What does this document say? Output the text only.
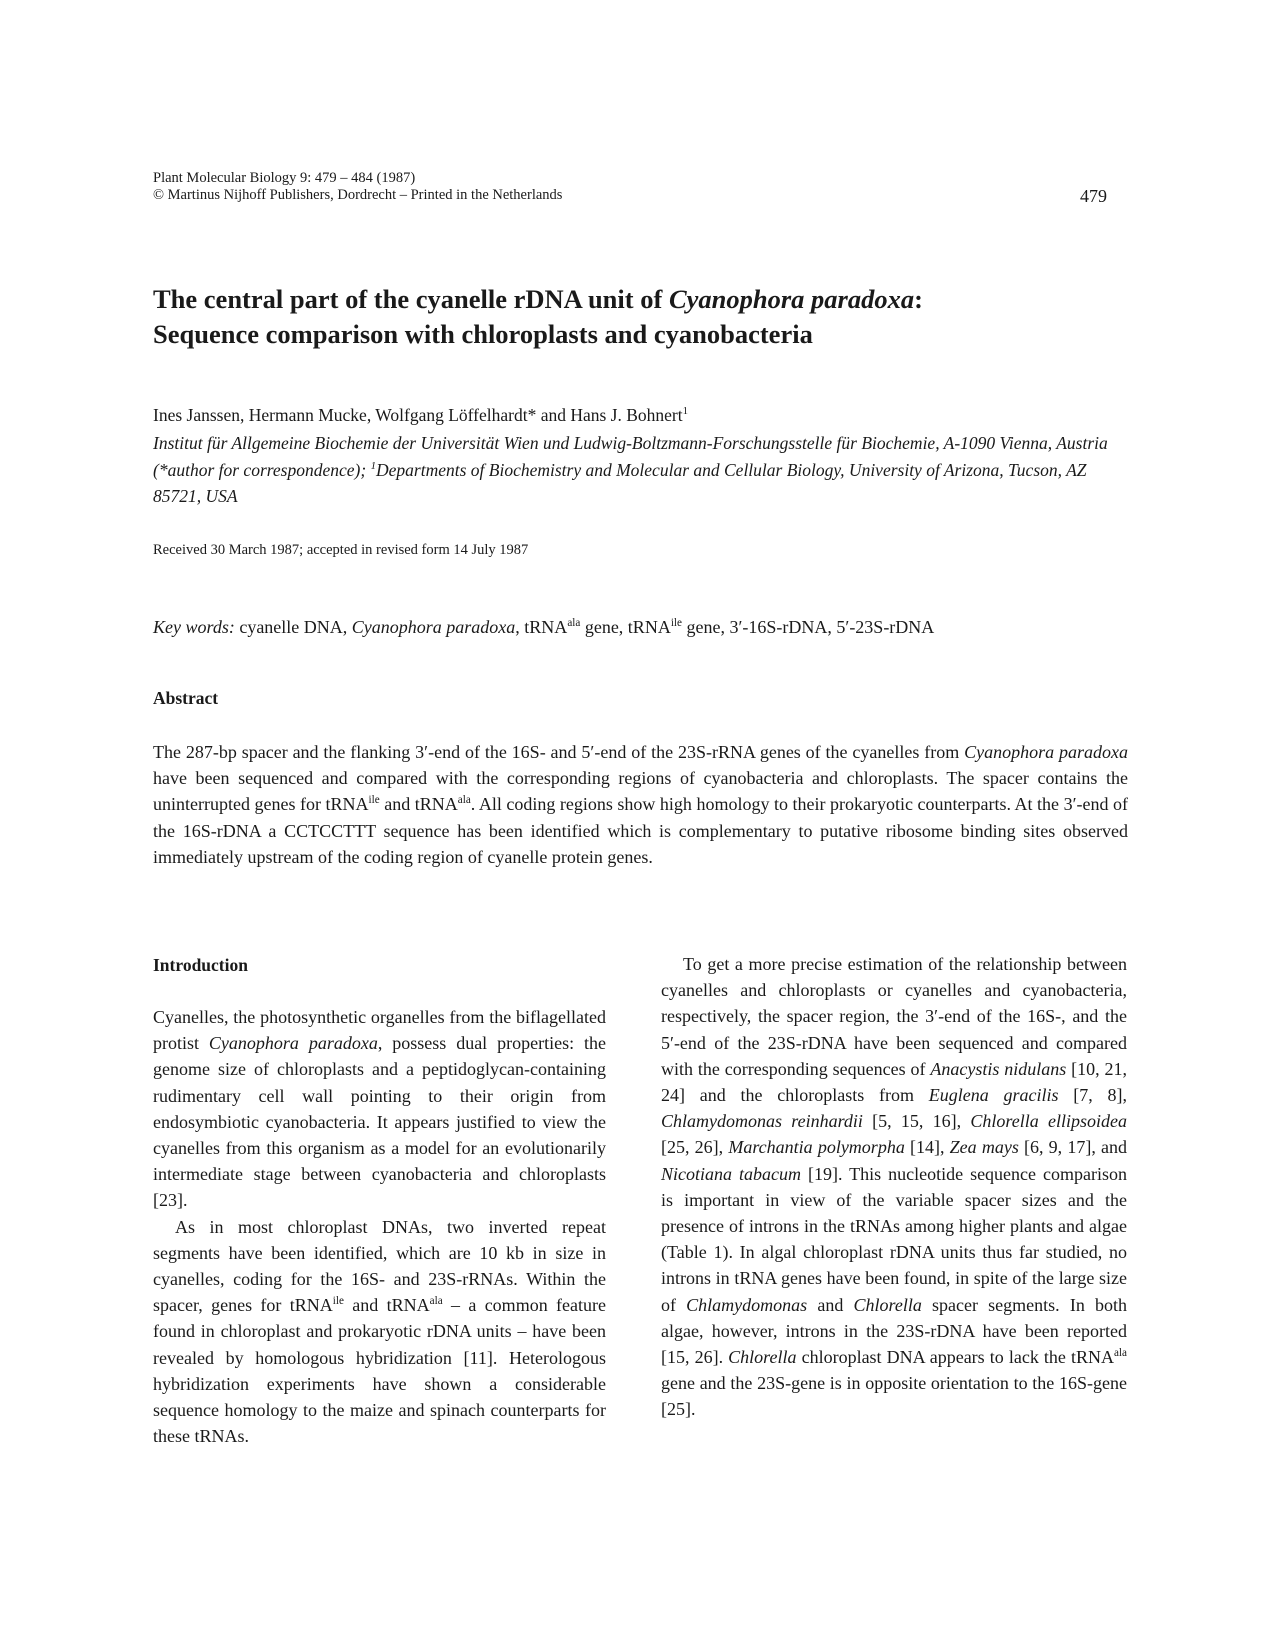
Plant Molecular Biology 9: 479 – 484 (1987)
© Martinus Nijhoff Publishers, Dordrecht – Printed in the Netherlands	479
The central part of the cyanelle rDNA unit of Cyanophora paradoxa:
Sequence comparison with chloroplasts and cyanobacteria
Ines Janssen, Hermann Mucke, Wolfgang Löffelhardt* and Hans J. Bohnert$^1$
Institut für Allgemeine Biochemie der Universität Wien und Ludwig-Boltzmann-Forschungsstelle für Biochemie, A-1090 Vienna, Austria (*author for correspondence); $^1$Departments of Biochemistry and Molecular and Cellular Biology, University of Arizona, Tucson, AZ 85721, USA
Received 30 March 1987; accepted in revised form 14 July 1987
Key words: cyanelle DNA, Cyanophora paradoxa, tRNA$^{ala}$ gene, tRNA$^{ile}$ gene, 3′-16S-rDNA, 5′-23S-rDNA
Abstract
The 287-bp spacer and the flanking 3′-end of the 16S- and 5′-end of the 23S-rRNA genes of the cyanelles from Cyanophora paradoxa have been sequenced and compared with the corresponding regions of cyanobacteria and chloroplasts. The spacer contains the uninterrupted genes for tRNA$^{ile}$ and tRNA$^{ala}$. All coding regions show high homology to their prokaryotic counterparts. At the 3′-end of the 16S-rDNA a CCTCCTTT sequence has been identified which is complementary to putative ribosome binding sites observed immediately upstream of the coding region of cyanelle protein genes.
Introduction

Cyanelles, the photosynthetic organelles from the biflagellated protist Cyanophora paradoxa, possess dual properties: the genome size of chloroplasts and a peptidoglycan-containing rudimentary cell wall pointing to their origin from endosymbiotic cyanobacteria. It appears justified to view the cyanelles from this organism as a model for an evolutionarily intermediate stage between cyanobacteria and chloroplasts [23].

As in most chloroplast DNAs, two inverted repeat segments have been identified, which are 10 kb in size in cyanelles, coding for the 16S- and 23S-rRNAs. Within the spacer, genes for tRNA$^{ile}$ and tRNA$^{ala}$ – a common feature found in chloroplast and prokaryotic rDNA units – have been revealed by homologous hybridization [11]. Heterologous hybridization experiments have shown a considerable sequence homology to the maize and spinach counterparts for these tRNAs.

To get a more precise estimation of the relationship between cyanelles and chloroplasts or cyanelles and cyanobacteria, respectively, the spacer region, the 3′-end of the 16S-, and the 5′-end of the 23S-rDNA have been sequenced and compared with the corresponding sequences of Anacystis nidulans [10, 21, 24] and the chloroplasts from Euglena gracilis [7, 8], Chlamydomonas reinhardii [5, 15, 16], Chlorella ellipsoidea [25, 26], Marchantia polymorpha [14], Zea mays [6, 9, 17], and Nicotiana tabacum [19]. This nucleotide sequence comparison is important in view of the variable spacer sizes and the presence of introns in the tRNAs among higher plants and algae (Table 1). In algal chloroplast rDNA units thus far studied, no introns in tRNA genes have been found, in spite of the large size of Chlamydomonas and Chlorella spacer segments. In both algae, however, introns in the 23S-rDNA have been reported [15, 26]. Chlorella chloroplast DNA appears to lack the tRNA$^{ala}$ gene and the 23S-gene is in opposite orientation to the 16S-gene [25].
